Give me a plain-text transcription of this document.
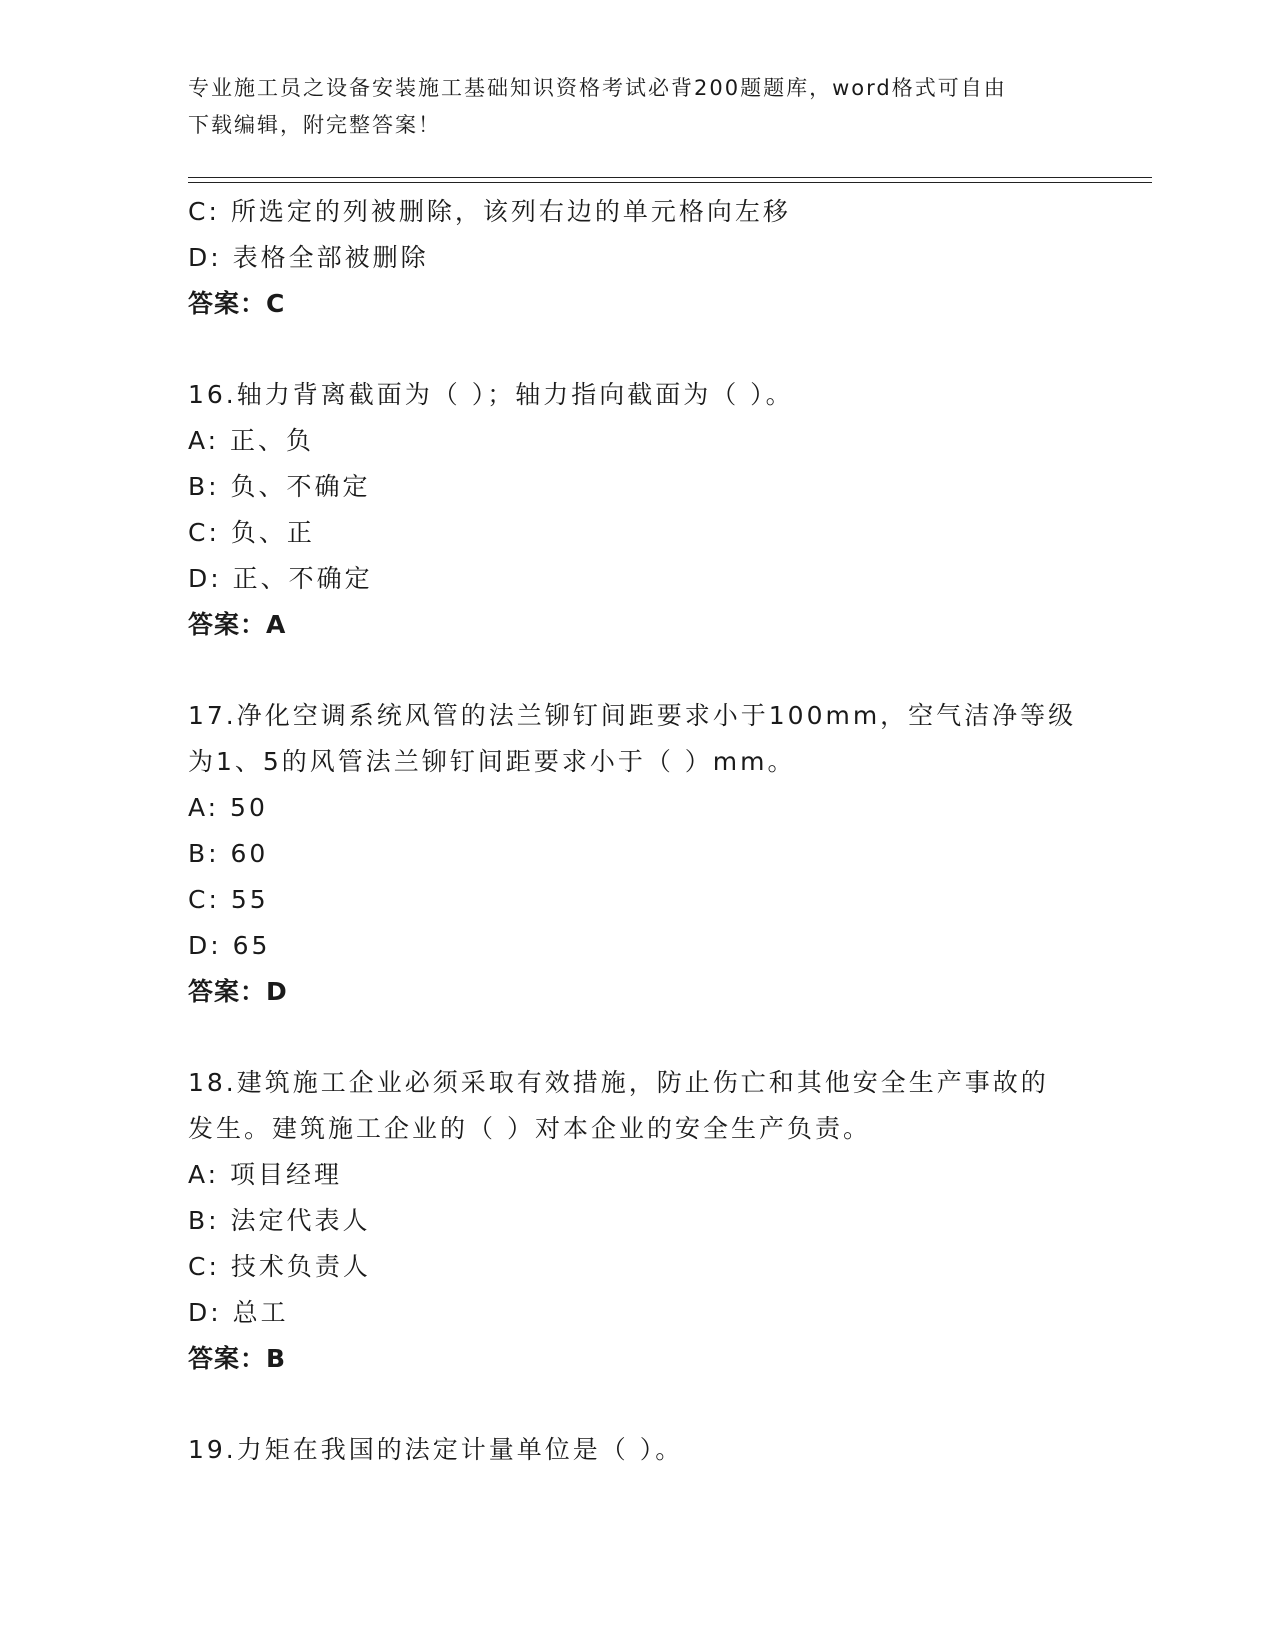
专业施工员之设备安装施工基础知识资格考试必背200题题库，word格式可自由
下载编辑，附完整答案！
C: 所选定的列被删除，该列右边的单元格向左移
D: 表格全部被删除
答案：C
16.轴力背离截面为（ ）；轴力指向截面为（ ）。
A: 正、负
B: 负、不确定
C: 负、正
D: 正、不确定
答案：A
17.净化空调系统风管的法兰铆钉间距要求小于100mm，空气洁净等级
为1、5的风管法兰铆钉间距要求小于（ ）mm。
A: 50
B: 60
C: 55
D: 65
答案：D
18.建筑施工企业必须采取有效措施，防止伤亡和其他安全生产事故的
发生。建筑施工企业的（ ）对本企业的安全生产负责。
A: 项目经理
B: 法定代表人
C: 技术负责人
D: 总工
答案：B
19.力矩在我国的法定计量单位是（ ）。
